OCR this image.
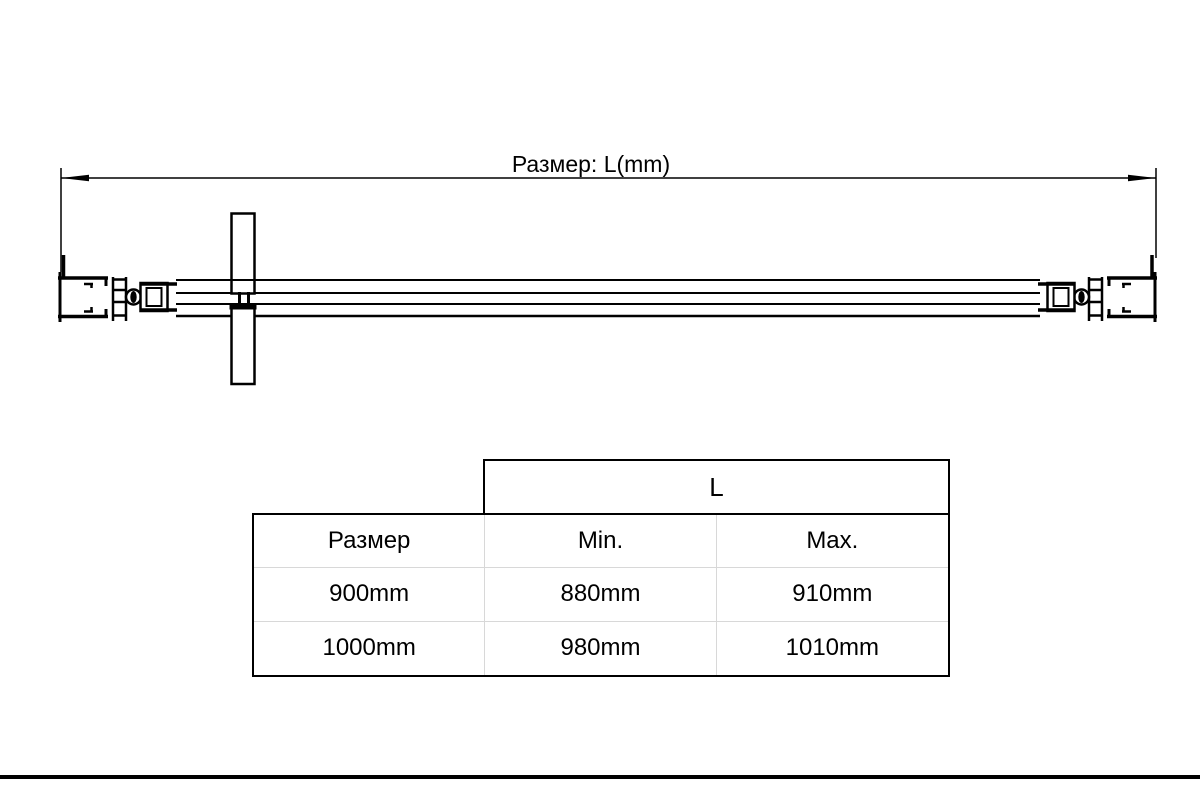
Размер: L(mm)
L
Размер	Min.	Max.
900mm	880mm	910mm
1000mm	980mm	1010mm
